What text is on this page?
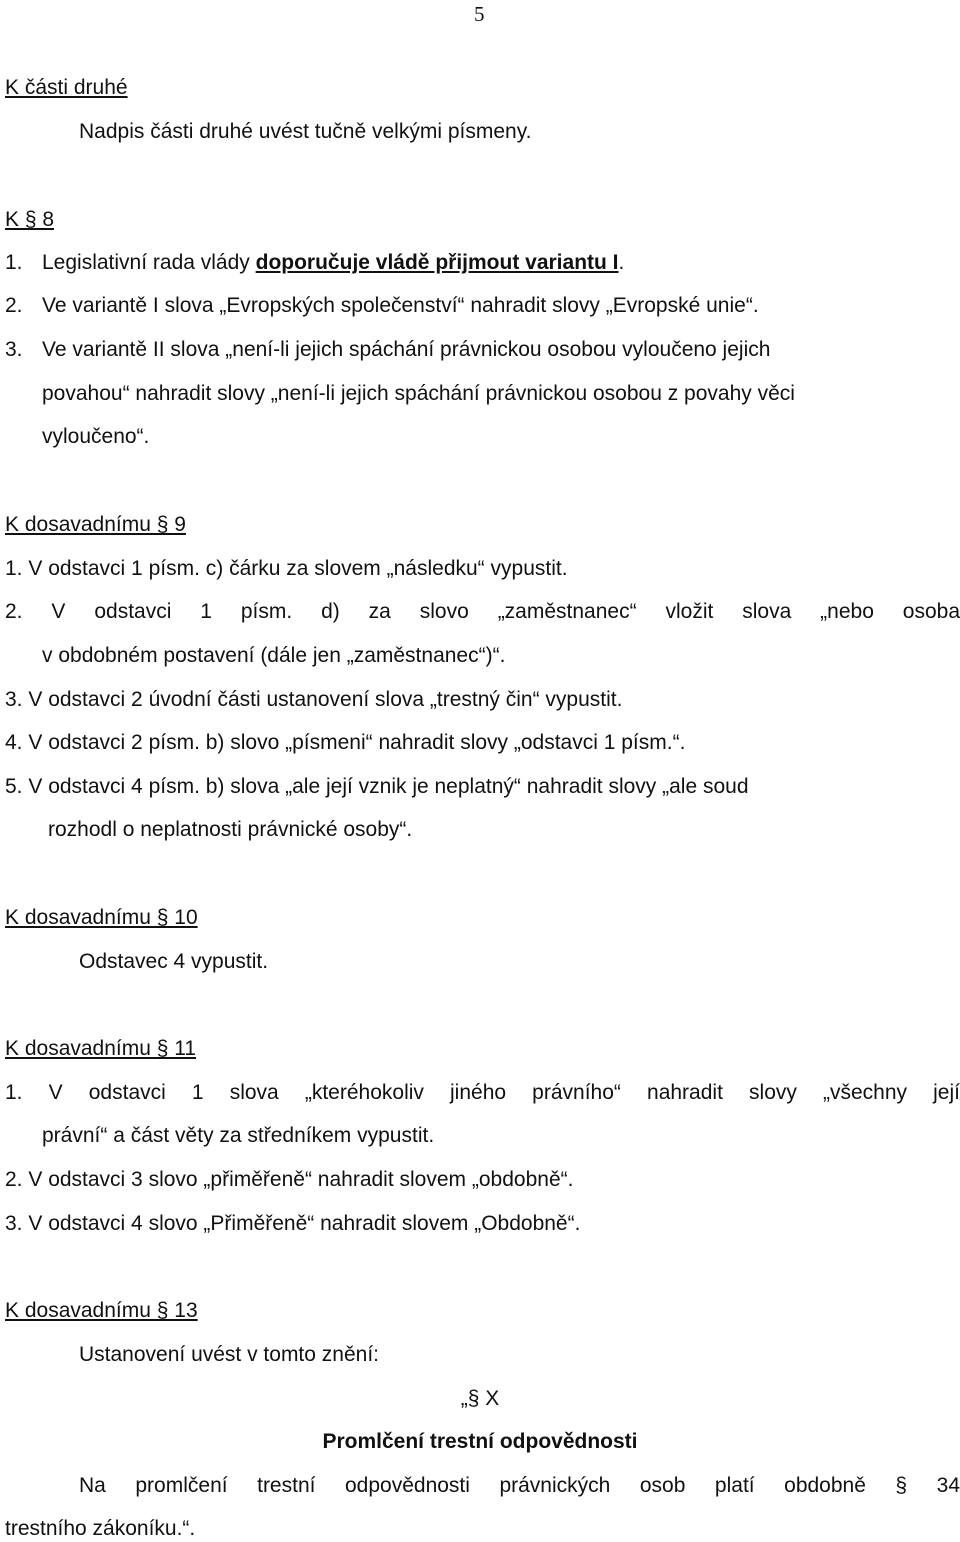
5
K části druhé
Nadpis části druhé uvést tučně velkými písmeny.
K § 8
1. Legislativní rada vlády doporučuje vládě přijmout variantu I.
2. Ve variantě I slova „Evropských společenství“ nahradit slovy „Evropské unie“.
3. Ve variantě II slova „není-li jejich spáchání právnickou osobou vyloučeno jejich
povahou“ nahradit slovy „není-li jejich spáchání právnickou osobou z povahy věci
vyloučeno“.
K dosavadnímu § 9
1. V odstavci 1 písm. c) čárku za slovem „následku“ vypustit.
2. V odstavci 1 písm. d) za slovo „zaměstnanec“ vložit slova „nebo osoba
v obdobném postavení (dále jen „zaměstnanec“)“.
3. V odstavci 2 úvodní části ustanovení slova „trestný čin“ vypustit.
4. V odstavci 2 písm. b) slovo „písmeni“ nahradit slovy „odstavci 1 písm.“.
5. V odstavci 4 písm. b) slova „ale její vznik je neplatný“ nahradit slovy „ale soud
rozhodl o neplatnosti právnické osoby“.
K dosavadnímu § 10
Odstavec 4 vypustit.
K dosavadnímu § 11
1. V odstavci 1 slova „kteréhokoliv jiného právního“ nahradit slovy „všechny její
právní“ a část věty za středníkem vypustit.
2. V odstavci 3 slovo „přiměřeně“ nahradit slovem „obdobně“.
3. V odstavci 4 slovo „Přiměřeně“ nahradit slovem „Obdobně“.
K dosavadnímu § 13
Ustanovení uvést v tomto znění:
„§ X
Promlčení trestní odpovědnosti
Na promlčení trestní odpovědnosti právnických osob platí obdobně § 34
trestního zákoníku.“.
